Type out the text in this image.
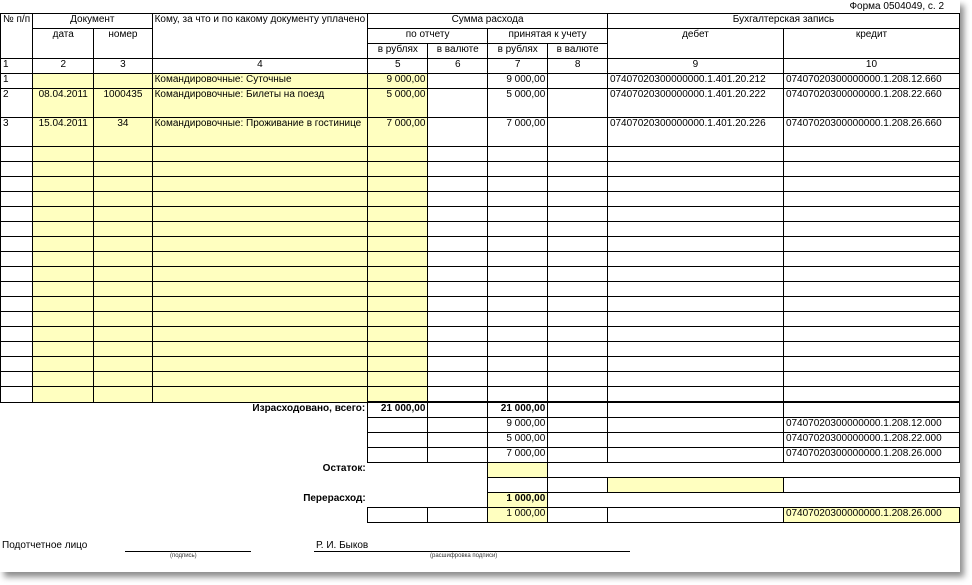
Форма 0504049, с. 2
№ п/п	Документ		Кому, за что и по какому документу уплачено	Сумма расхода				Бухгалтерская запись	
	дата	номер		по отчету		принятая к учету		дебет	кредит
				в рублях	в валюте	в рублях	в валюте		
1	2	3	4	5	6	7	8	9	10
1			Командировочные: Суточные	9 000,00		9 000,00		07407020300000000.1.401.20.212	07407020300000000.1.208.12.660
2	08.04.2011	1000435	Командировочные: Билеты на поезд	5 000,00		5 000,00		07407020300000000.1.401.20.222	07407020300000000.1.208.22.660
3	15.04.2011	34	Командировочные: Проживание в гостинице	7 000,00		7 000,00		07407020300000000.1.401.20.226	07407020300000000.1.208.26.660

Израсходовано, всего:				21 000,00		21 000,00			
						9 000,00			07407020300000000.1.208.12.000
						5 000,00			07407020300000000.1.208.22.000
						7 000,00			07407020300000000.1.208.26.000
Остаток:									

Перерасход:						1 000,00			
						1 000,00			07407020300000000.1.208.26.000
Подотчетное лицо
(подпись)
Р. И. Быков
(расшифровка подписи)
